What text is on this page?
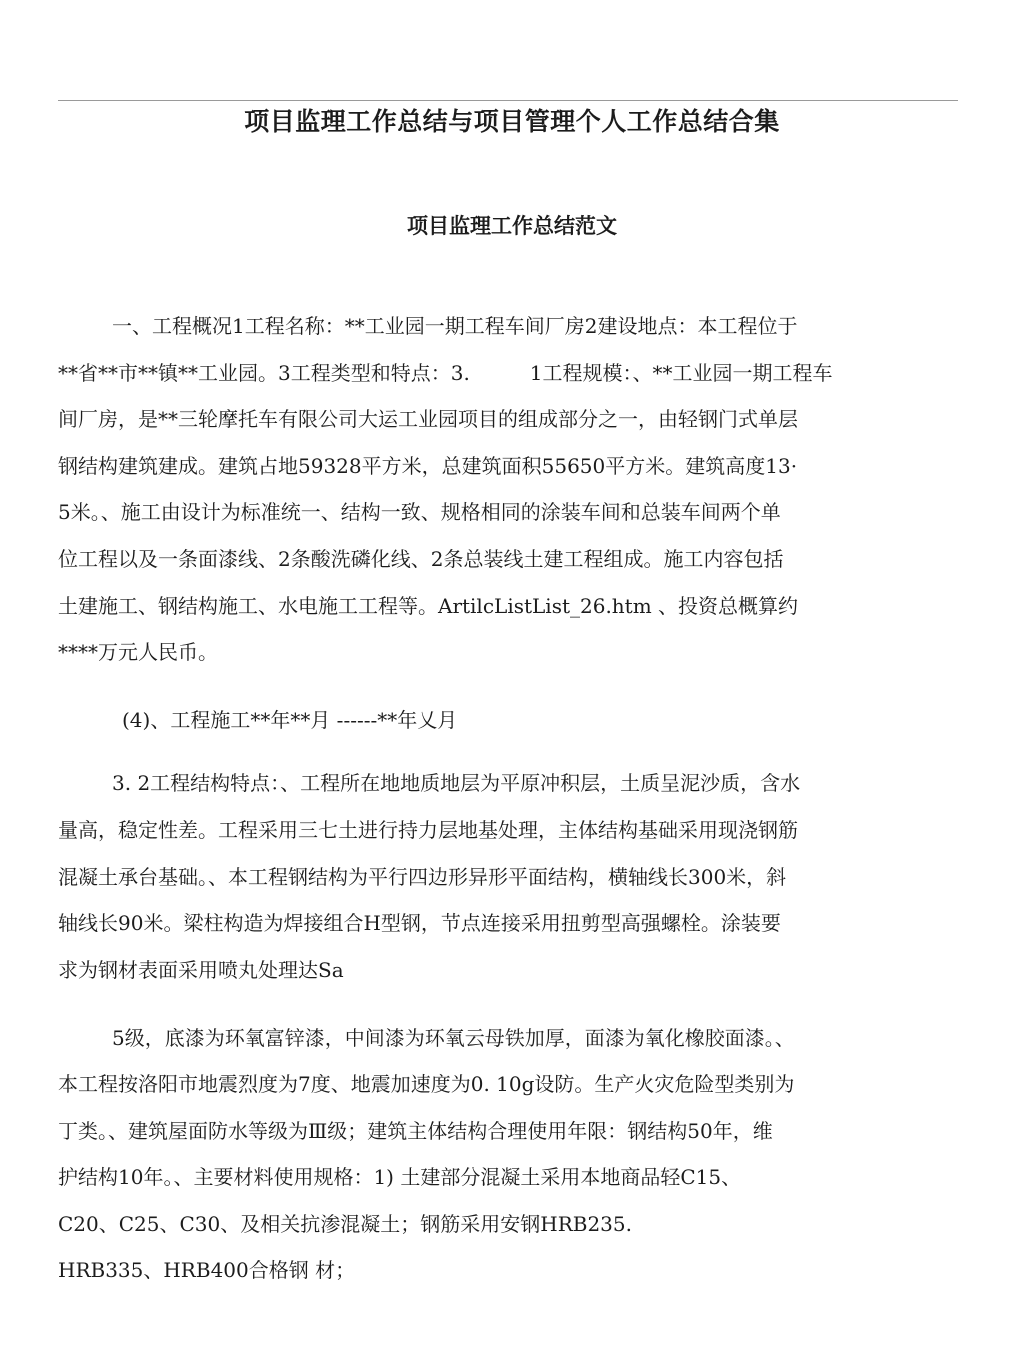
项目监理工作总结与项目管理个人工作总结合集
项目监理工作总结范文
一、工程概况1工程名称：**工业园一期工程车间厂房2建设地点：本工程位于
**省**市**镇**工业园。3工程类型和特点：3.　　　1工程规模：、**工业园一期工程车
间厂房，是**三轮摩托车有限公司大运工业园项目的组成部分之一，由轻钢门式单层
钢结构建筑建成。建筑占地59328平方米，总建筑面积55650平方米。建筑高度13·
5米。、施工由设计为标准统一、结构一致、规格相同的涂装车间和总装车间两个单
位工程以及一条面漆线、2条酸洗磷化线、2条总装线土建工程组成。施工内容包括
土建施工、钢结构施工、水电施工工程等。ArtilcListList_26.htm 、投资总概算约
****万元人民币。
(4)、工程施工**年**月 ------**年乂月
3. 2工程结构特点：、工程所在地地质地层为平原冲积层，土质呈泥沙质，含水
量高，稳定性差。工程采用三七土进行持力层地基处理，主体结构基础采用现浇钢筋
混凝土承台基础。、本工程钢结构为平行四边形异形平面结构，横轴线长300米，斜
轴线长90米。梁柱构造为焊接组合H型钢，节点连接采用扭剪型高强螺栓。涂装要
求为钢材表面采用喷丸处理达Sa
5级，底漆为环氧富锌漆，中间漆为环氧云母铁加厚，面漆为氧化橡胶面漆。、
本工程按洛阳市地震烈度为7度、地震加速度为0. 10g设防。生产火灾危险型类别为
丁类。、建筑屋面防水等级为Ⅲ级；建筑主体结构合理使用年限：钢结构50年，维
护结构10年。、主要材料使用规格：1) 土建部分混凝土采用本地商品轻C15、
C20、C25、C30、及相关抗渗混凝土；钢筋采用安钢HRB235.
HRB335、HRB400合格钢 材；
